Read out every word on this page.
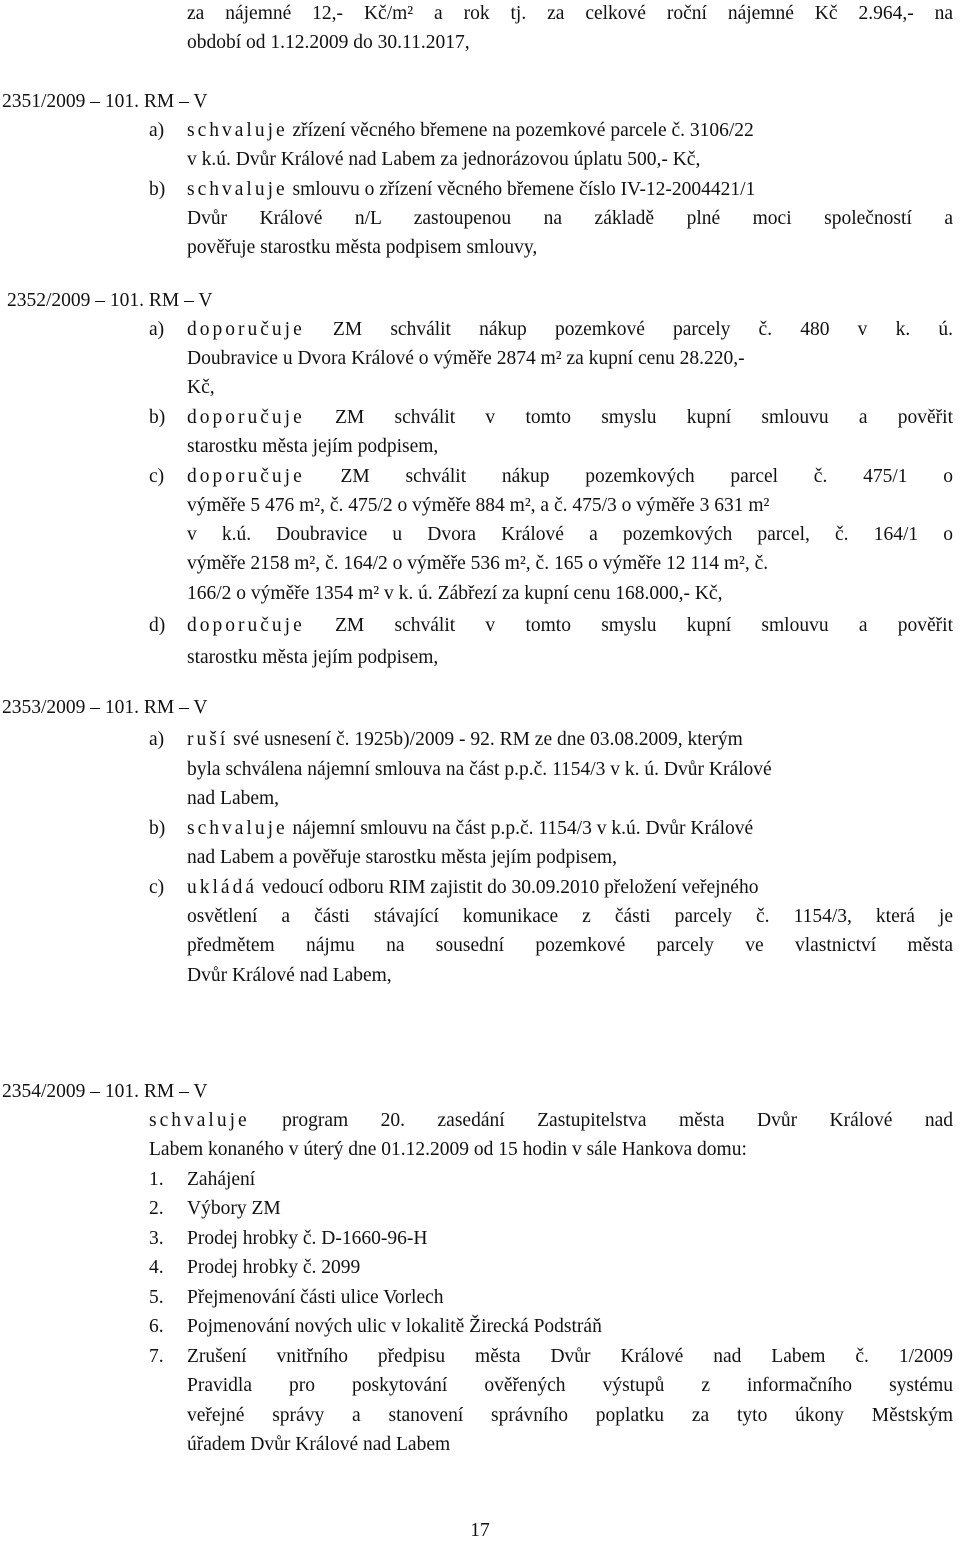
za nájemné 12,- Kč/m² a rok tj. za celkové roční nájemné Kč 2.964,- na
období od 1.12.2009 do 30.11.2017,
2351/2009 – 101. RM – V
a) schvaluje zřízení věcného břemene na pozemkové parcele č. 3106/22
v k.ú. Dvůr Králové nad Labem za jednorázovou úplatu 500,- Kč,
b) schvaluje smlouvu o zřízení věcného břemene číslo IV-12-2004421/1
Dvůr Králové n/L zastoupenou na základě plné moci společností a
pověřuje starostku města podpisem smlouvy,
2352/2009 – 101. RM – V
a) doporučuje ZM schválit nákup pozemkové parcely č. 480 v k. ú.
Doubravice u Dvora Králové o výměře 2874 m² za kupní cenu 28.220,-
Kč,
b) doporučuje ZM schválit v tomto smyslu kupní smlouvu a pověřit
starostku města jejím podpisem,
c) doporučuje ZM schválit nákup pozemkových parcel č. 475/1 o
výměře 5 476 m², č. 475/2 o výměře 884 m², a č. 475/3 o výměře 3 631 m²
v k.ú. Doubravice u Dvora Králové a pozemkových parcel, č. 164/1 o
výměře 2158 m², č. 164/2 o výměře 536 m², č. 165 o výměře 12 114 m², č.
166/2 o výměře 1354 m² v k. ú. Zábřezí za kupní cenu 168.000,- Kč,
d) doporučuje ZM schválit v tomto smyslu kupní smlouvu a pověřit
starostku města jejím podpisem,
2353/2009 – 101. RM – V
a) ruší své usnesení č. 1925b)/2009 - 92. RM ze dne 03.08.2009, kterým
byla schválena nájemní smlouva na část p.p.č. 1154/3 v k. ú. Dvůr Králové
nad Labem,
b) schvaluje nájemní smlouvu na část p.p.č. 1154/3 v k.ú. Dvůr Králové
nad Labem a pověřuje starostku města jejím podpisem,
c) ukládá vedoucí odboru RIM zajistit do 30.09.2010 přeložení veřejného
osvětlení a části stávající komunikace z části parcely č. 1154/3, která je
předmětem nájmu na sousední pozemkové parcely ve vlastnictví města
Dvůr Králové nad Labem,
2354/2009 – 101. RM – V
schvaluje program 20. zasedání Zastupitelstva města Dvůr Králové nad
Labem konaného v úterý dne 01.12.2009 od 15 hodin v sále Hankova domu:
1. Zahájení
2. Výbory ZM
3. Prodej hrobky č. D-1660-96-H
4. Prodej hrobky č. 2099
5. Přejmenování části ulice Vorlech
6. Pojmenování nových ulic v lokalitě Žirecká Podstráň
7. Zrušení vnitřního předpisu města Dvůr Králové nad Labem č. 1/2009
Pravidla pro poskytování ověřených výstupů z informačního systému
veřejné správy a stanovení správního poplatku za tyto úkony Městským
úřadem Dvůr Králové nad Labem
17
